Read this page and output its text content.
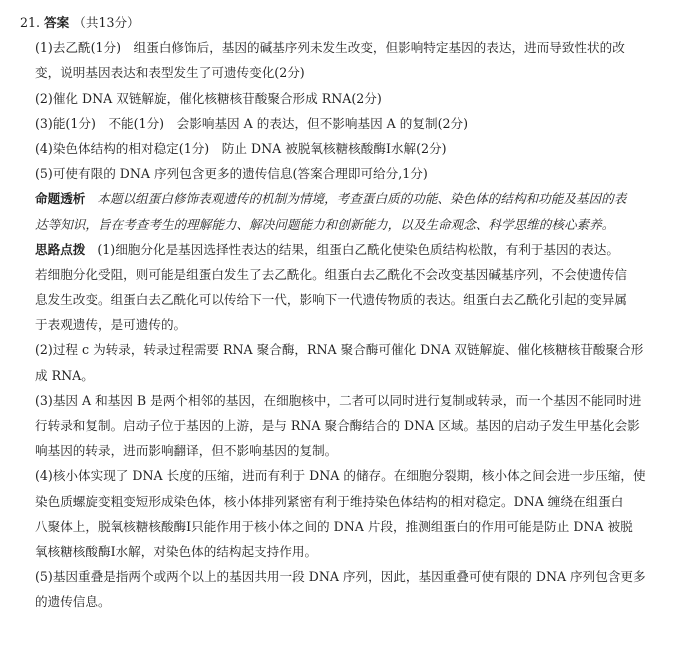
21. 答案 （共13分）
(1)去乙酰(1分)　组蛋白修饰后，基因的碱基序列未发生改变，但影响特定基因的表达，进而导致性状的改
变，说明基因表达和表型发生了可遗传变化(2分)
(2)催化 DNA 双链解旋，催化核糖核苷酸聚合形成 RNA(2分)
(3)能(1分)　不能(1分)　会影响基因 A 的表达，但不影响基因 A 的复制(2分)
(4)染色体结构的相对稳定(1分)　防止 DNA 被脱氧核糖核酸酶Ⅰ水解(2分)
(5)可使有限的 DNA 序列包含更多的遗传信息(答案合理即可给分,1分)
命题透析 本题以组蛋白修饰表观遗传的机制为情境，考查蛋白质的功能、染色体的结构和功能及基因的表
达等知识，旨在考查考生的理解能力、解决问题能力和创新能力，以及生命观念、科学思维的核心素养。
思路点拨 (1)细胞分化是基因选择性表达的结果，组蛋白乙酰化使染色质结构松散，有利于基因的表达。
若细胞分化受阻，则可能是组蛋白发生了去乙酰化。组蛋白去乙酰化不会改变基因碱基序列，不会使遗传信
息发生改变。组蛋白去乙酰化可以传给下一代，影响下一代遗传物质的表达。组蛋白去乙酰化引起的变异属
于表观遗传，是可遗传的。
(2)过程 c 为转录，转录过程需要 RNA 聚合酶，RNA 聚合酶可催化 DNA 双链解旋、催化核糖核苷酸聚合形
成 RNA。
(3)基因 A 和基因 B 是两个相邻的基因，在细胞核中，二者可以同时进行复制或转录，而一个基因不能同时进
行转录和复制。启动子位于基因的上游，是与 RNA 聚合酶结合的 DNA 区域。基因的启动子发生甲基化会影
响基因的转录，进而影响翻译，但不影响基因的复制。
(4)核小体实现了 DNA 长度的压缩，进而有利于 DNA 的储存。在细胞分裂期，核小体之间会进一步压缩，使
染色质螺旋变粗变短形成染色体，核小体排列紧密有利于维持染色体结构的相对稳定。DNA 缠绕在组蛋白
八聚体上，脱氧核糖核酸酶Ⅰ只能作用于核小体之间的 DNA 片段，推测组蛋白的作用可能是防止 DNA 被脱
氧核糖核酸酶Ⅰ水解，对染色体的结构起支持作用。
(5)基因重叠是指两个或两个以上的基因共用一段 DNA 序列，因此，基因重叠可使有限的 DNA 序列包含更多
的遗传信息。
